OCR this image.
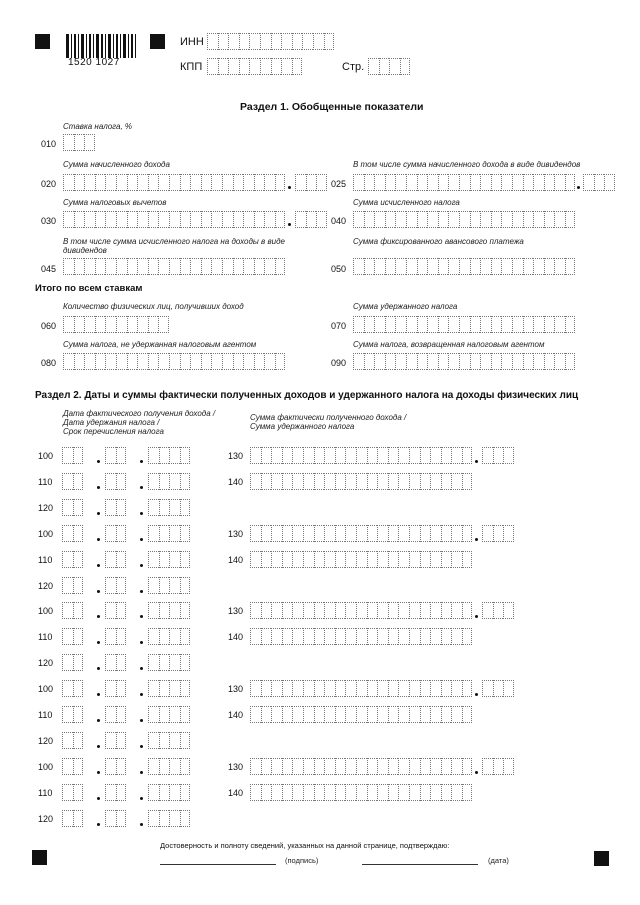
1520 1027
ИНН
КПП	Стр.
Раздел 1. Обобщенные показатели
Ставка налога, %
010
Сумма начисленного дохода
020
В том числе сумма начисленного дохода в виде дивидендов
025
Сумма налоговых вычетов
030
Сумма исчисленного налога
040
В том числе сумма исчисленного налога на доходы в виде дивидендов
045
Сумма фиксированного авансового платежа
050
Итого по всем ставкам
Количество физических лиц, получивших доход
060
Сумма удержанного налога
070
Сумма налога, не удержанная налоговым агентом
080
Сумма налога, возвращенная налоговым агентом
090
Раздел 2. Даты и суммы фактически полученных доходов и удержанного налога на доходы физических лиц
Дата фактического получения дохода /
Дата удержания налога /
Срок перечисления налога
Сумма фактически полученного дохода /
Сумма удержанного налога
100	130
110	140
120
100	130
110	140
120
100	130
110	140
120
100	130
110	140
120
100	130
110	140
120
Достоверность и полноту сведений, указанных на данной странице, подтверждаю:
(подпись)	(дата)
